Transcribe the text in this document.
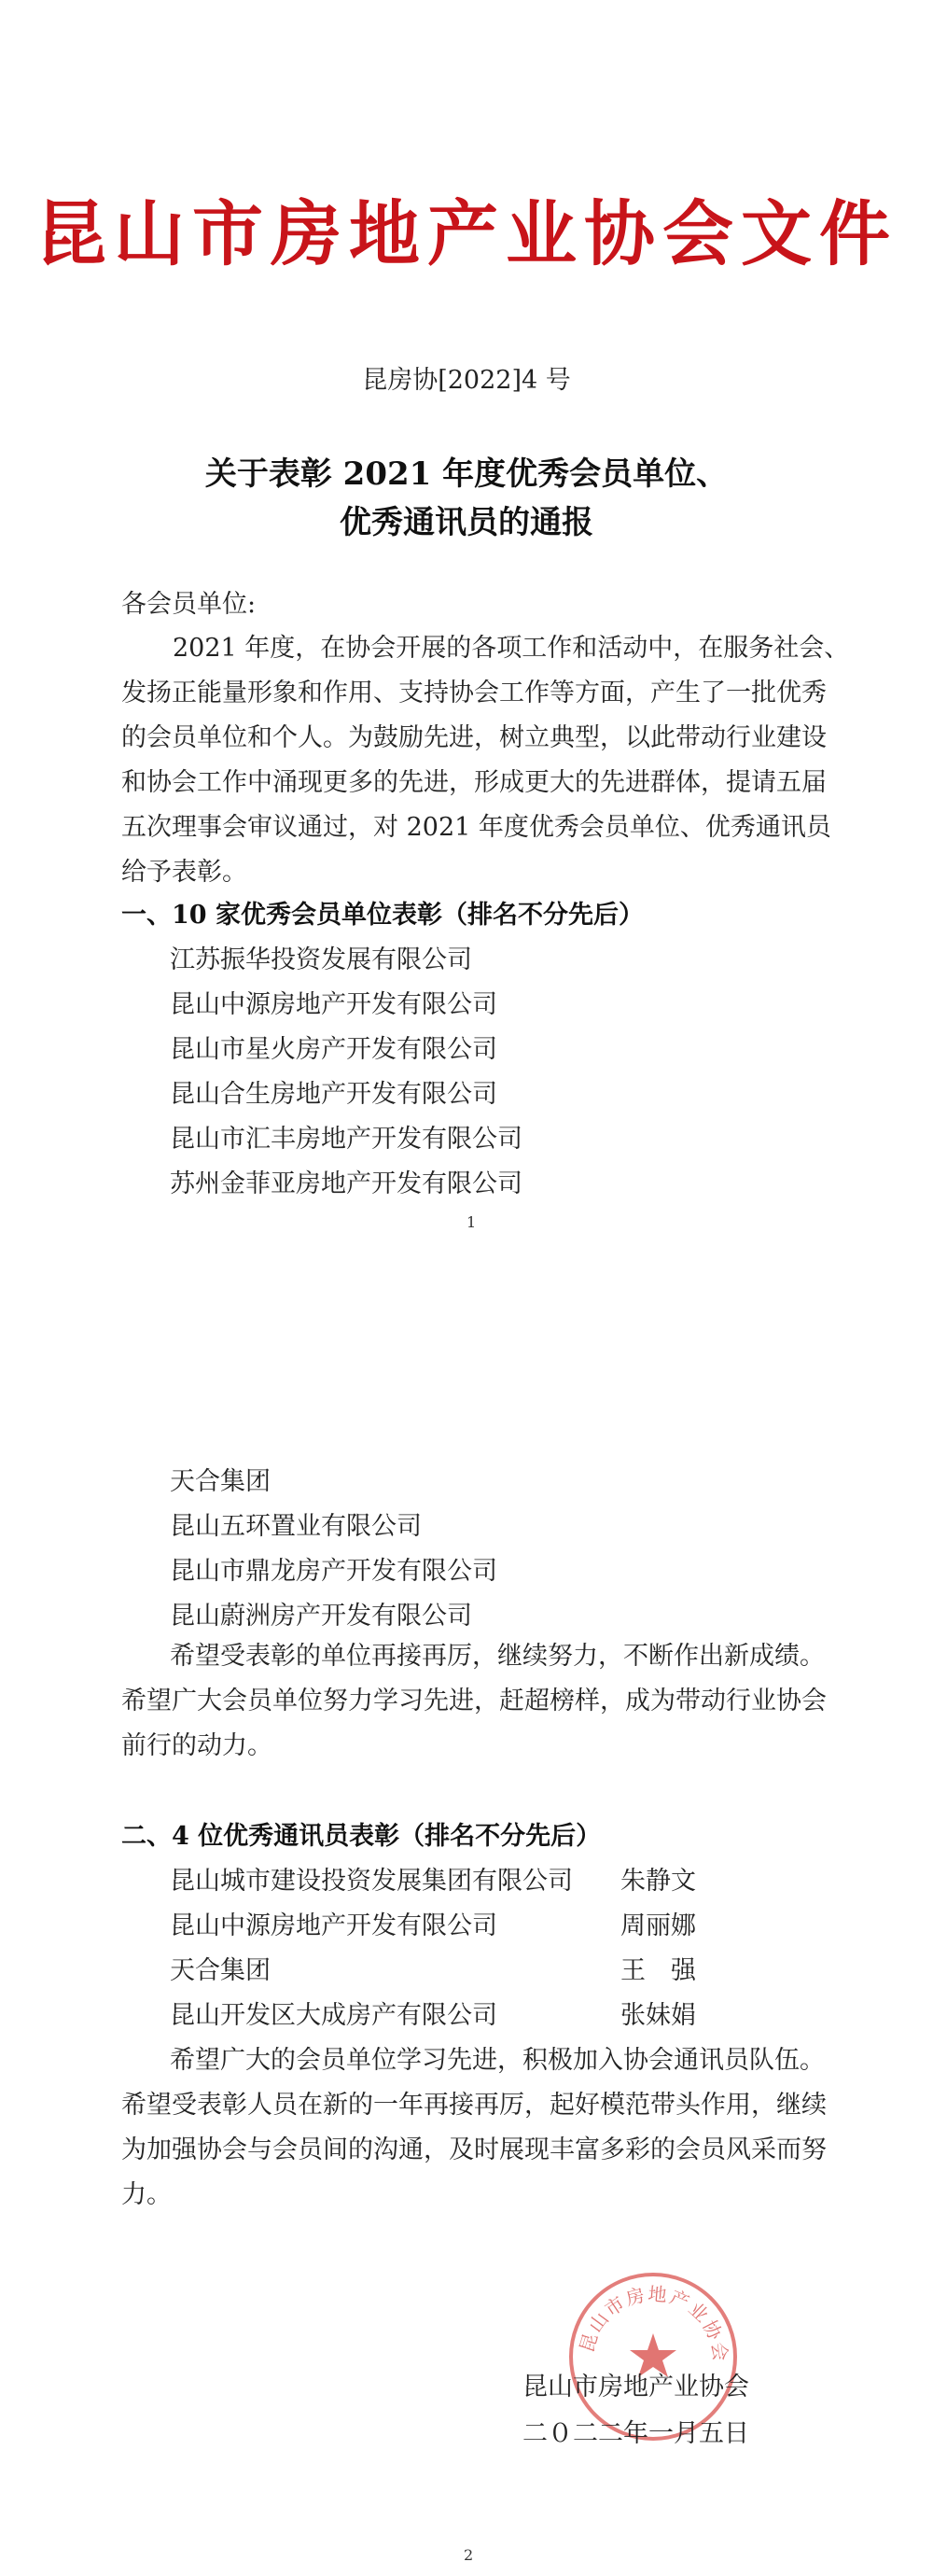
昆山市房地产业协会文件
昆房协[2022]4 号
关于表彰 2021 年度优秀会员单位、
优秀通讯员的通报
各会员单位:
2021 年度，在协会开展的各项工作和活动中，在服务社会、
发扬正能量形象和作用、支持协会工作等方面，产生了一批优秀
的会员单位和个人。为鼓励先进，树立典型，以此带动行业建设
和协会工作中涌现更多的先进，形成更大的先进群体，提请五届
五次理事会审议通过，对 2021 年度优秀会员单位、优秀通讯员
给予表彰。
一、10 家优秀会员单位表彰（排名不分先后）
江苏振华投资发展有限公司
昆山中源房地产开发有限公司
昆山市星火房产开发有限公司
昆山合生房地产开发有限公司
昆山市汇丰房地产开发有限公司
苏州金菲亚房地产开发有限公司
1
天合集团
昆山五环置业有限公司
昆山市鼎龙房产开发有限公司
昆山蔚洲房产开发有限公司
希望受表彰的单位再接再厉，继续努力，不断作出新成绩。
希望广大会员单位努力学习先进，赶超榜样，成为带动行业协会
前行的动力。
二、4 位优秀通讯员表彰（排名不分先后）
昆山城市建设投资发展集团有限公司 朱静文
昆山中源房地产开发有限公司	周丽娜
天合集团	王　强
昆山开发区大成房产有限公司	张妹娟
希望广大的会员单位学习先进，积极加入协会通讯员队伍。
希望受表彰人员在新的一年再接再厉，起好模范带头作用，继续
为加强协会与会员间的沟通，及时展现丰富多彩的会员风采而努
力。
昆山市房地产业协会
昆山市房地产业协会
二０二二年一月五日
2
